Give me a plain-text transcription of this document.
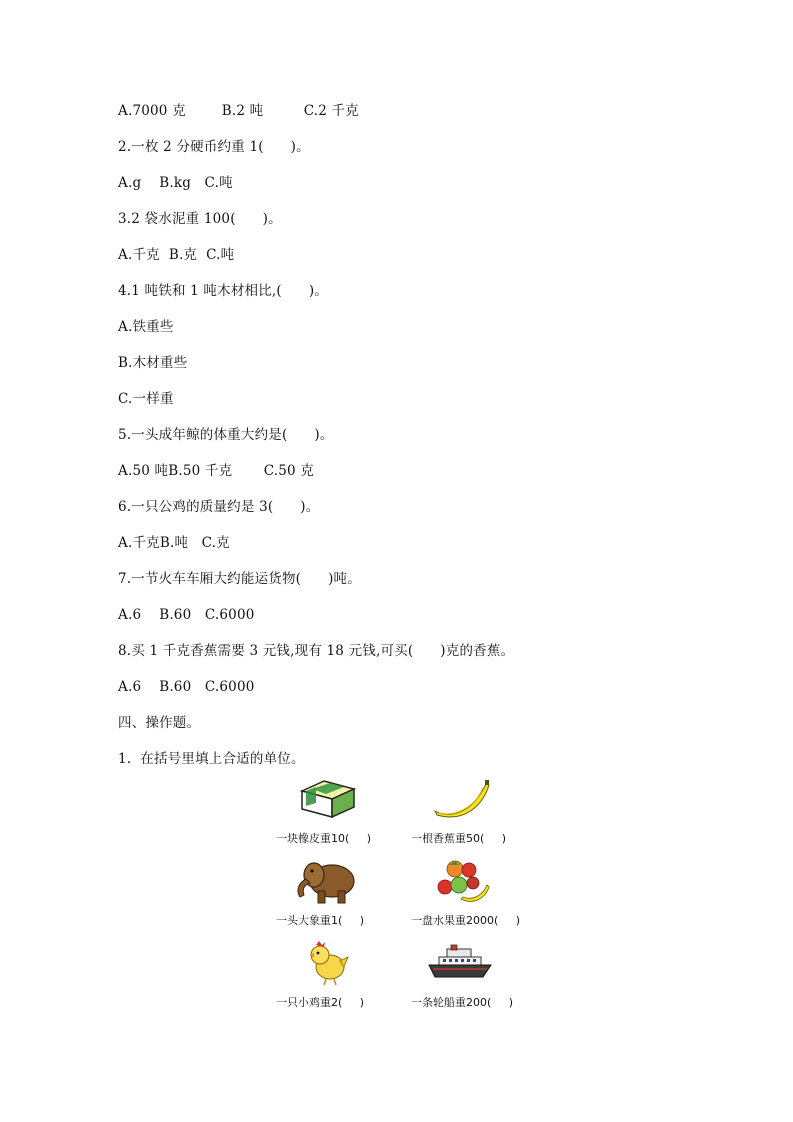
A.7000 克        B.2 吨         C.2 千克
2.一枚 2 分硬币约重 1(      )。
A.g    B.kg   C.吨
3.2 袋水泥重 100(      )。
A.千克  B.克  C.吨
4.1 吨铁和 1 吨木材相比,(      )。
A.铁重些
B.木材重些
C.一样重
5.一头成年鲸的体重大约是(      )。
A.50 吨B.50 千克       C.50 克
6.一只公鸡的质量约是 3(      )。
A.千克B.吨   C.克
7.一节火车车厢大约能运货物(      )吨。
A.6    B.60   C.6000
8.买 1 千克香蕉需要 3 元钱,现有 18 元钱,可买(      )克的香蕉。
A.6    B.60   C.6000
四、操作题。
1.  在括号里填上合适的单位。
一块橡皮重10(     )	一根香蕉重50(     )
一头大象重1(     )	一盘水果重2000(     )
一只小鸡重2(     )	一条轮船重200(     )
